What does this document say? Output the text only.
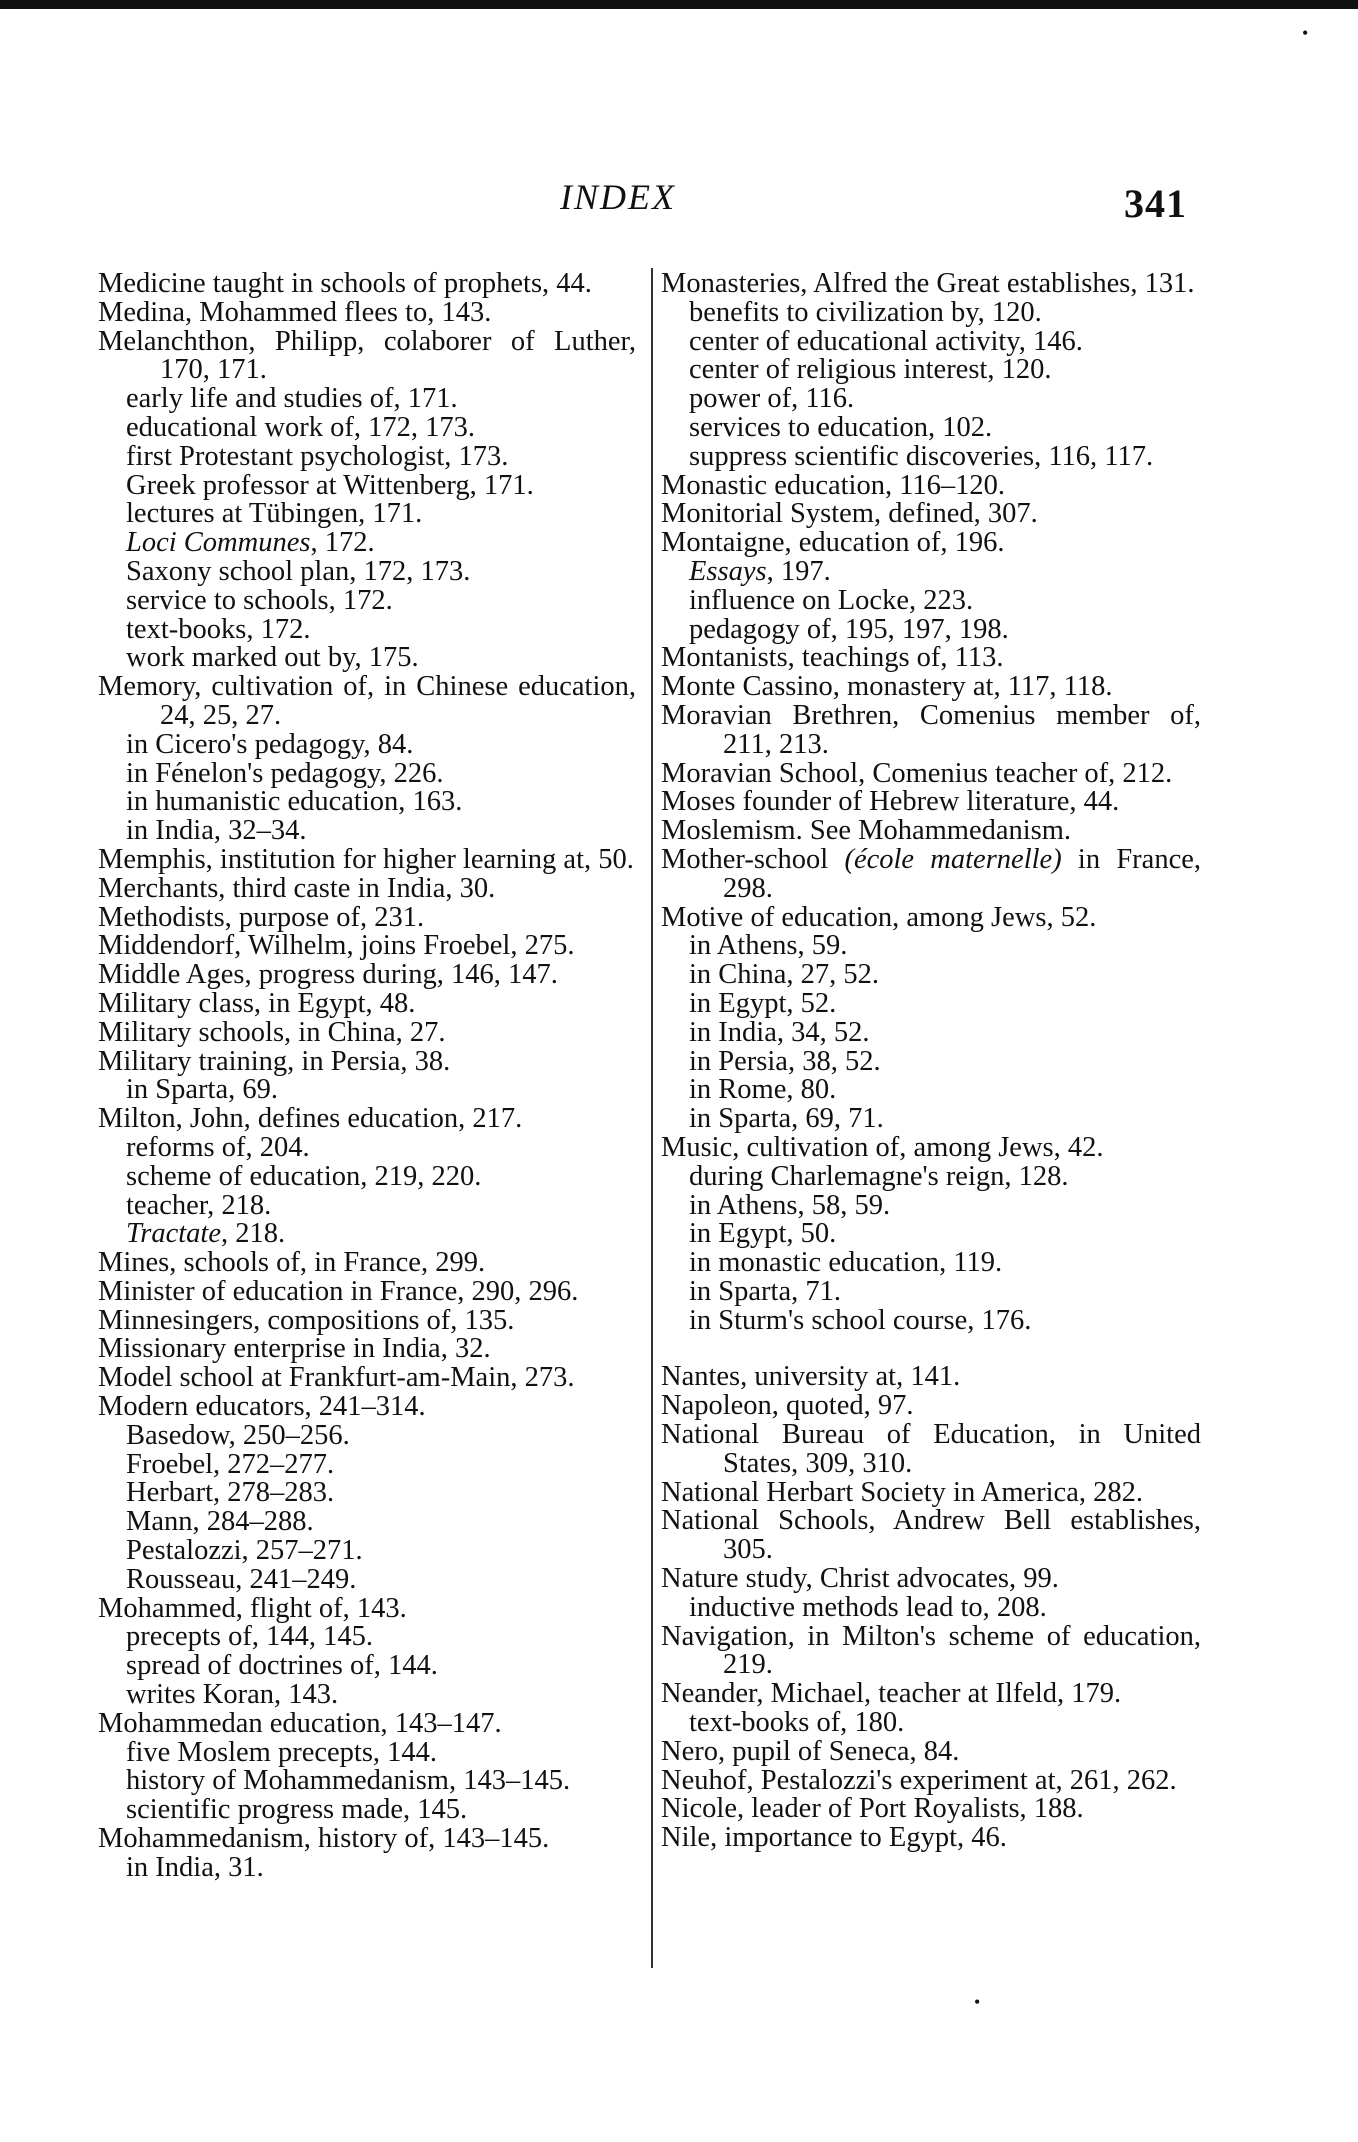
•
INDEX	341

Medicine taught in schools of prophets, 44.

Medina, Mohammed flees to, 143.

Melanchthon, Philipp, colaborer of Luther, 170, 171.

early life and studies of, 171.

educational work of, 172, 173.

first Protestant psychologist, 173.

Greek professor at Wittenberg, 171.

lectures at Tübingen, 171.

Loci Communes, 172.

Saxony school plan, 172, 173.

service to schools, 172.

text-books, 172.

work marked out by, 175.

Memory, cultivation of, in Chinese education, 24, 25, 27.

in Cicero's pedagogy, 84.

in Fénelon's pedagogy, 226.

in humanistic education, 163.

in India, 32–34.

Memphis, institution for higher learning at, 50.

Merchants, third caste in India, 30.

Methodists, purpose of, 231.

Middendorf, Wilhelm, joins Froebel, 275.

Middle Ages, progress during, 146, 147.

Military class, in Egypt, 48.

Military schools, in China, 27.

Military training, in Persia, 38.

in Sparta, 69.

Milton, John, defines education, 217.

reforms of, 204.

scheme of education, 219, 220.

teacher, 218.

Tractate, 218.

Mines, schools of, in France, 299.

Minister of education in France, 290, 296.

Minnesingers, compositions of, 135.

Missionary enterprise in India, 32.

Model school at Frankfurt-am-Main, 273.

Modern educators, 241–314.

Basedow, 250–256.

Froebel, 272–277.

Herbart, 278–283.

Mann, 284–288.

Pestalozzi, 257–271.

Rousseau, 241–249.

Mohammed, flight of, 143.

precepts of, 144, 145.

spread of doctrines of, 144.

writes Koran, 143.

Mohammedan education, 143–147.

five Moslem precepts, 144.

history of Mohammedanism, 143–145.

scientific progress made, 145.

Mohammedanism, history of, 143–145.

in India, 31.

Monasteries, Alfred the Great establishes, 131.

benefits to civilization by, 120.

center of educational activity, 146.

center of religious interest, 120.

power of, 116.

services to education, 102.

suppress scientific discoveries, 116, 117.

Monastic education, 116–120.

Monitorial System, defined, 307.

Montaigne, education of, 196.

Essays, 197.

influence on Locke, 223.

pedagogy of, 195, 197, 198.

Montanists, teachings of, 113.

Monte Cassino, monastery at, 117, 118.

Moravian Brethren, Comenius member of, 211, 213.

Moravian School, Comenius teacher of, 212.

Moses founder of Hebrew literature, 44.

Moslemism. See Mohammedanism.

Mother-school (école maternelle) in France, 298.

Motive of education, among Jews, 52.

in Athens, 59.

in China, 27, 52.

in Egypt, 52.

in India, 34, 52.

in Persia, 38, 52.

in Rome, 80.

in Sparta, 69, 71.

Music, cultivation of, among Jews, 42.

during Charlemagne's reign, 128.

in Athens, 58, 59.

in Egypt, 50.

in monastic education, 119.

in Sparta, 71.

in Sturm's school course, 176.

Nantes, university at, 141.

Napoleon, quoted, 97.

National Bureau of Education, in United States, 309, 310.

National Herbart Society in America, 282.

National Schools, Andrew Bell establishes, 305.

Nature study, Christ advocates, 99.

inductive methods lead to, 208.

Navigation, in Milton's scheme of education, 219.

Neander, Michael, teacher at Ilfeld, 179.

text-books of, 180.

Nero, pupil of Seneca, 84.

Neuhof, Pestalozzi's experiment at, 261, 262.

Nicole, leader of Port Royalists, 188.

Nile, importance to Egypt, 46.

•
